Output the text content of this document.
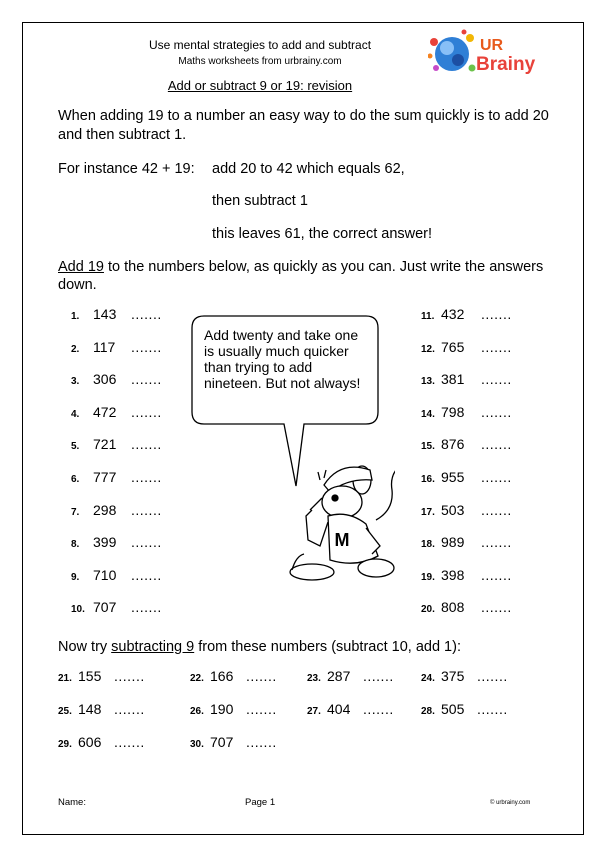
Use mental strategies to add and subtract
Maths worksheets from urbrainy.com
UR
Brainy
Add or subtract 9 or 19: revision
When adding 19 to a number an easy way to do the sum quickly is to add 20
and then subtract 1.
For instance 42 + 19: add 20 to 42 which equals 62,
then subtract 1
this leaves 61, the correct answer!
Add 19 to the numbers below, as quickly as you can. Just write the answers
down.
1. 143 .......
2. 117 .......
3. 306 .......
4. 472 .......
5. 721 .......
6. 777 .......
7. 298 .......
8. 399 .......
9. 710 .......
10. 707 .......
11. 432 .......
12. 765 .......
13. 381 .......
14. 798 .......
15. 876 .......
16. 955 .......
17. 503 .......
18. 989 .......
19. 398 .......
20. 808 .......
M
Add twenty and take one is usually much quicker than trying to add nineteen. But not always!
Now try subtracting 9 from these numbers (subtract 10, add 1):
21. 155 .......	22. 166 .......	23. 287 .......	24. 375 .......
25. 148 .......	26. 190 .......	27. 404 .......	28. 505 .......
29. 606 .......	30. 707 .......
Name:	Page 1	© urbrainy.com
